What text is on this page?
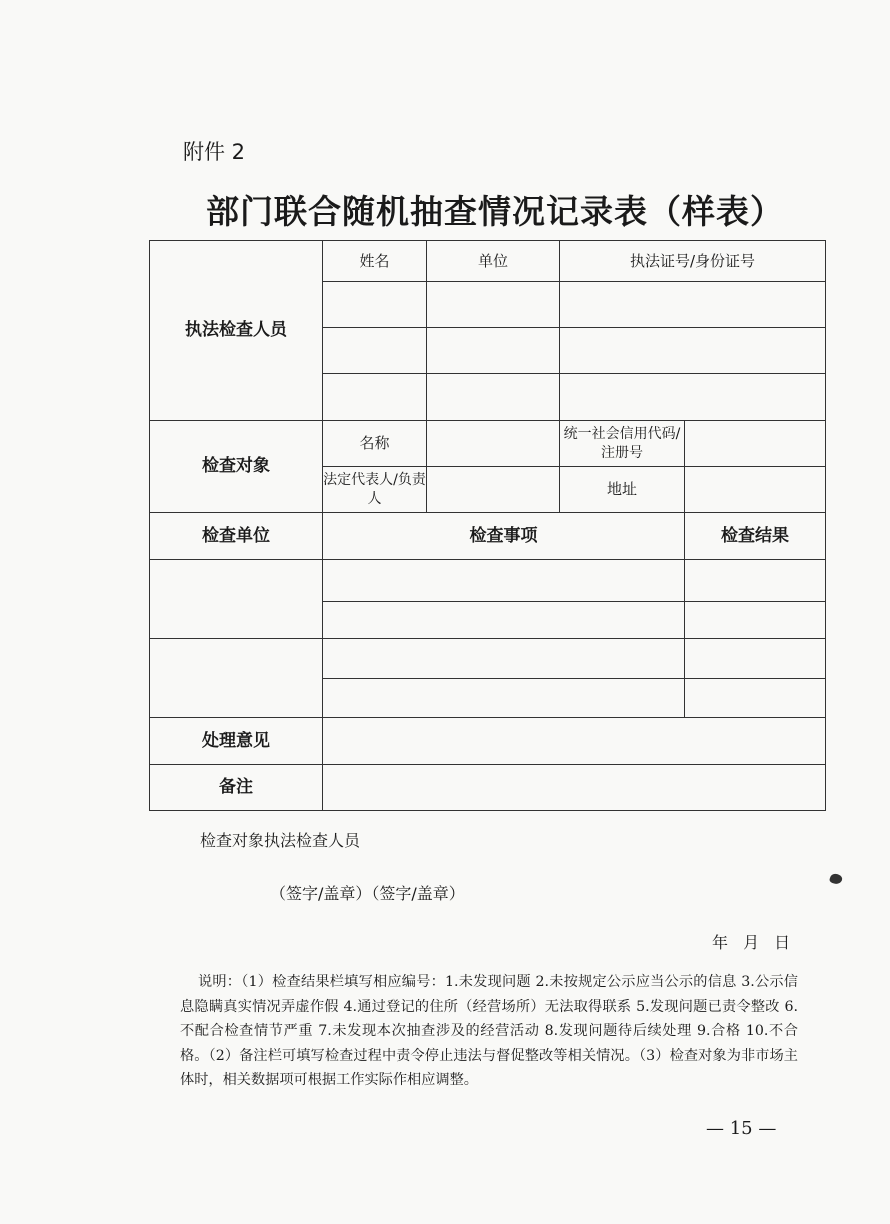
附件 2
部门联合随机抽查情况记录表（样表）
执法检查人员	姓名	单位	执法证号/身份证号	

检查对象	名称		统一社会信用代码/注册号	
	法定代表人/负责人		地址	
检查单位	检查事项			检查结果

处理意见				
备注				
检查对象执法检查人员
（签字/盖章）（签字/盖章）
年 月 日
说明：（1）检查结果栏填写相应编号：1.未发现问题 2.未按规定公示应当公示的信息 3.公示信息隐瞒真实情况弄虚作假 4.通过登记的住所（经营场所）无法取得联系 5.发现问题已责令整改 6.不配合检查情节严重 7.未发现本次抽查涉及的经营活动 8.发现问题待后续处理 9.合格 10.不合格。（2）备注栏可填写检查过程中责令停止违法与督促整改等相关情况。（3）检查对象为非市场主体时，相关数据项可根据工作实际作相应调整。
— 15 —
